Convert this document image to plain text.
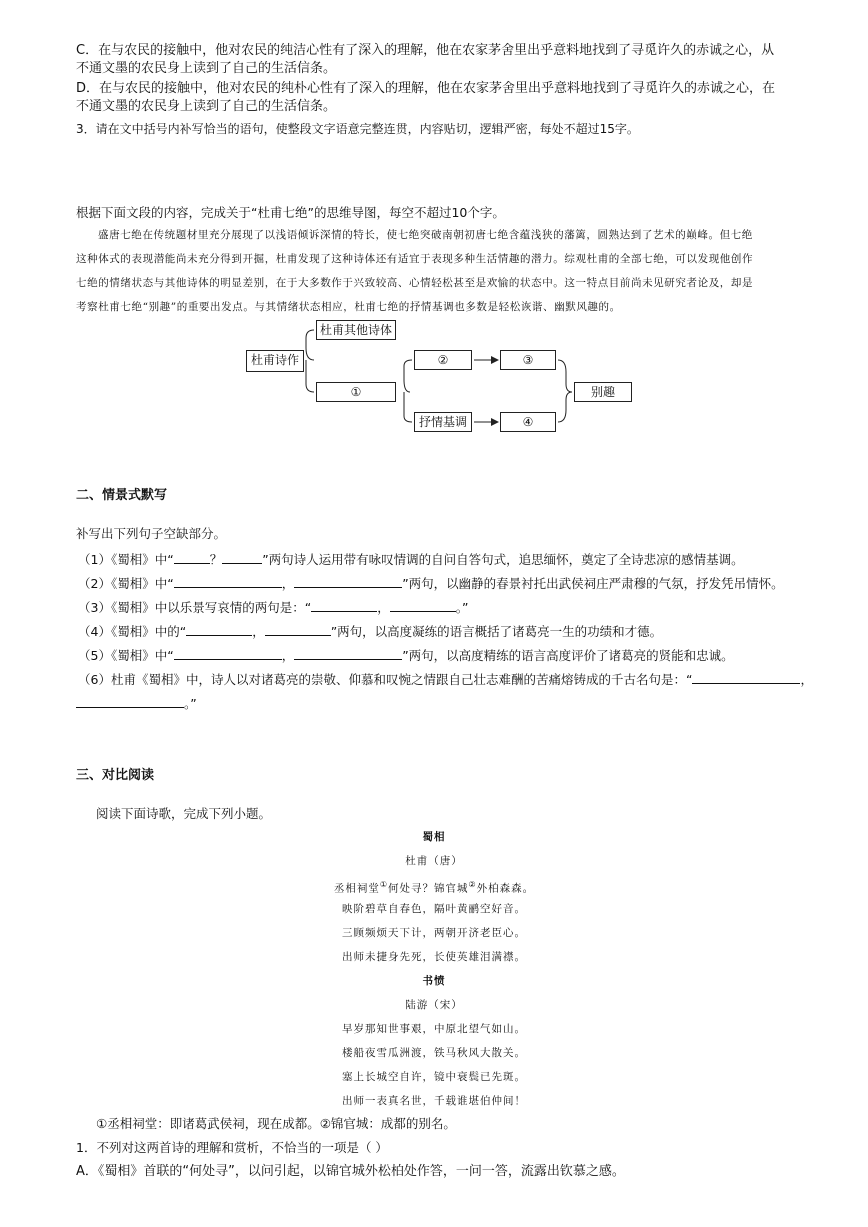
C．在与农民的接触中，他对农民的纯洁心性有了深入的理解，他在农家茅舍里出乎意料地找到了寻觅许久的赤诚之心，从
不通文墨的农民身上读到了自己的生活信条。
D．在与农民的接触中，他对农民的纯朴心性有了深入的理解，他在农家茅舍里出乎意料地找到了寻觅许久的赤诚之心，在
不通文墨的农民身上读到了自己的生活信条。
3．请在文中括号内补写恰当的语句，使整段文字语意完整连贯，内容贴切，逻辑严密，每处不超过15字。
根据下面文段的内容，完成关于“杜甫七绝”的思维导图，每空不超过10个字。
盛唐七绝在传统题材里充分展现了以浅语倾诉深情的特长，使七绝突破南朝初唐七绝含蕴浅狭的藩篱，圆熟达到了艺术的巅峰。但七绝
这种体式的表现潜能尚未充分得到开掘，杜甫发现了这种诗体还有适宜于表现多种生活情趣的潜力。综观杜甫的全部七绝，可以发现他创作
七绝的情绪状态与其他诗体的明显差别，在于大多数作于兴致较高、心情轻松甚至是欢愉的状态中。这一特点目前尚未见研究者论及，却是
考察杜甫七绝“别趣”的重要出发点。与其情绪状态相应，杜甫七绝的抒情基调也多数是轻松诙谐、幽默风趣的。
杜甫诗作
杜甫其他诗体
①
②	③
抒情基调	④
别趣
二、情景式默写
补写出下列句子空缺部分。
（1）《蜀相》中“	？	”两句诗人运用带有咏叹情调的自问自答句式，追思缅怀，奠定了全诗悲凉的感情基调。
（2）《蜀相》中“	，	”两句，以幽静的春景衬托出武侯祠庄严肃穆的气氛，抒发凭吊情怀。
（3）《蜀相》中以乐景写哀情的两句是：“	，	。”
（4）《蜀相》中的“	，	”两句，以高度凝练的语言概括了诸葛亮一生的功绩和才德。
（5）《蜀相》中“	，	”两句，以高度精练的语言高度评价了诸葛亮的贤能和忠诚。
（6）杜甫《蜀相》中，诗人以对诸葛亮的崇敬、仰慕和叹惋之情跟自己壮志难酬的苦痛熔铸成的千古名句是：“	，
。”
三、对比阅读
阅读下面诗歌，完成下列小题。
蜀相
杜甫（唐）
丞相祠堂①何处寻？锦官城②外柏森森。
映阶碧草自春色，隔叶黄鹂空好音。
三顾频烦天下计，两朝开济老臣心。
出师未捷身先死，长使英雄泪满襟。
书愤
陆游（宋）
早岁那知世事艰，中原北望气如山。
楼船夜雪瓜洲渡，铁马秋风大散关。
塞上长城空自许，镜中衰鬓已先斑。
出师一表真名世，千载谁堪伯仲间！
①丞相祠堂：即诸葛武侯祠，现在成都。②锦官城：成都的别名。
1．不列对这两首诗的理解和赏析，不恰当的一项是（ ）
A．《蜀相》首联的“何处寻”，以问引起，以锦官城外松柏处作答，一问一答，流露出钦慕之感。
